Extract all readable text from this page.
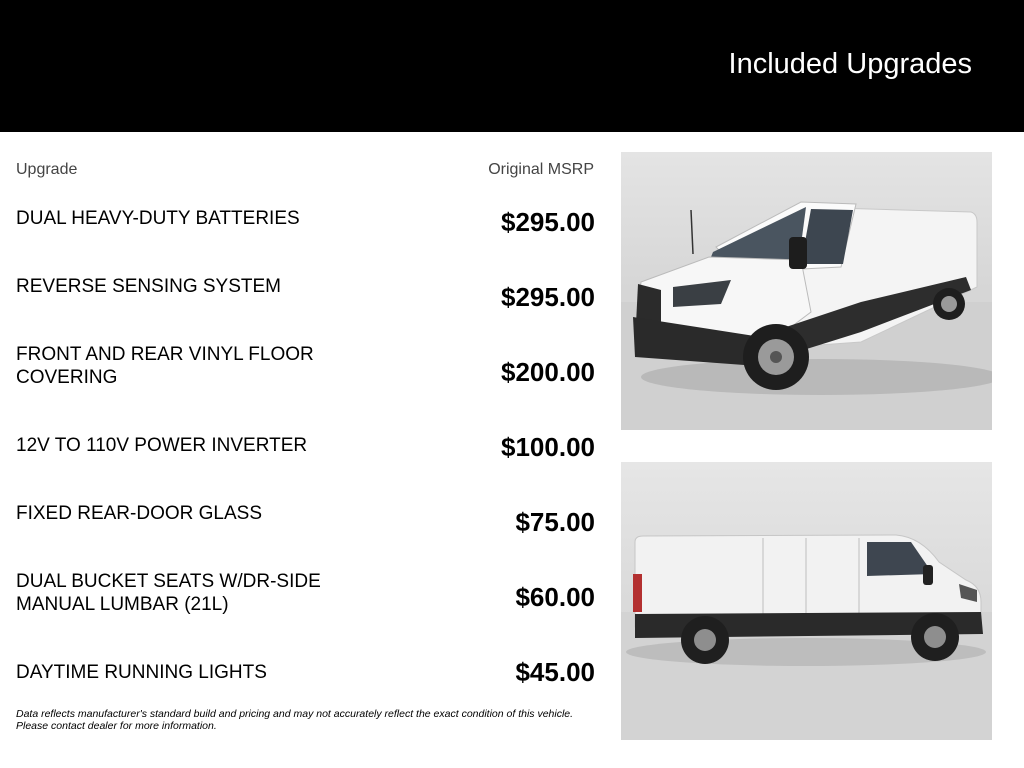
Included Upgrades
Upgrade	Original MSRP
DUAL HEAVY-DUTY BATTERIES	$295.00
REVERSE SENSING SYSTEM	$295.00
FRONT AND REAR VINYL FLOOR COVERING	$200.00
12V TO 110V POWER INVERTER	$100.00
FIXED REAR-DOOR GLASS	$75.00
DUAL BUCKET SEATS W/DR-SIDE MANUAL LUMBAR (21L)	$60.00
DAYTIME RUNNING LIGHTS	$45.00
Data reflects manufacturer's standard build and pricing and may not accurately reflect the exact condition of this vehicle. Please contact dealer for more information.
